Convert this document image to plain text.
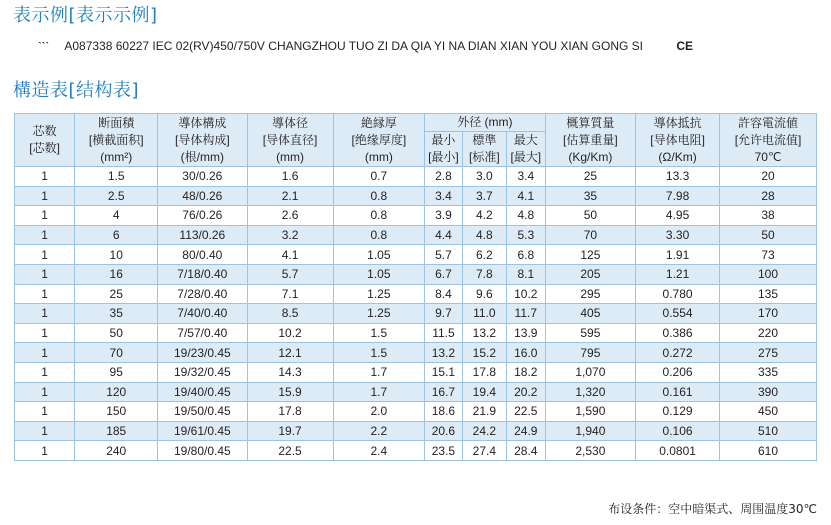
表示例[表示示例]
ˋˋˋ A087338 60227 IEC 02(RV)450/750V CHANGZHOU TUO ZI DA QIA YI NA DIAN XIAN YOU XIAN GONG SI	CE
構造表[结构表]
芯数
[芯数]	断面積
[横截面积]
(mm²)	導体構成
[导体构成]
(根/mm)	導体径
[导体直径]
(mm)	絶縁厚
[绝缘厚度]
(mm)	外径 (mm)			概算質量
[估算重量]
(Kg/Km)	導体抵抗
[导体电阻]
(Ω/Km)	許容電流値
[允许电流值]
70℃

					最小
[最小]	標準
[标准]	最大
[最大]			

1	1.5	30/0.26	1.6	0.7	2.8	3.0	3.4	25	13.3	20
1	2.5	48/0.26	2.1	0.8	3.4	3.7	4.1	35	7.98	28
1	4	76/0.26	2.6	0.8	3.9	4.2	4.8	50	4.95	38
1	6	113/0.26	3.2	0.8	4.4	4.8	5.3	70	3.30	50
1	10	80/0.40	4.1	1.05	5.7	6.2	6.8	125	1.91	73
1	16	7/18/0.40	5.7	1.05	6.7	7.8	8.1	205	1.21	100
1	25	7/28/0.40	7.1	1.25	8.4	9.6	10.2	295	0.780	135
1	35	7/40/0.40	8.5	1.25	9.7	11.0	11.7	405	0.554	170
1	50	7/57/0.40	10.2	1.5	11.5	13.2	13.9	595	0.386	220
1	70	19/23/0.45	12.1	1.5	13.2	15.2	16.0	795	0.272	275
1	95	19/32/0.45	14.3	1.7	15.1	17.8	18.2	1,070	0.206	335
1	120	19/40/0.45	15.9	1.7	16.7	19.4	20.2	1,320	0.161	390
1	150	19/50/0.45	17.8	2.0	18.6	21.9	22.5	1,590	0.129	450
1	185	19/61/0.45	19.7	2.2	20.6	24.2	24.9	1,940	0.106	510
1	240	19/80/0.45	22.5	2.4	23.5	27.4	28.4	2,530	0.0801	610
布设条件：空中暗渠式、周围温度30℃
